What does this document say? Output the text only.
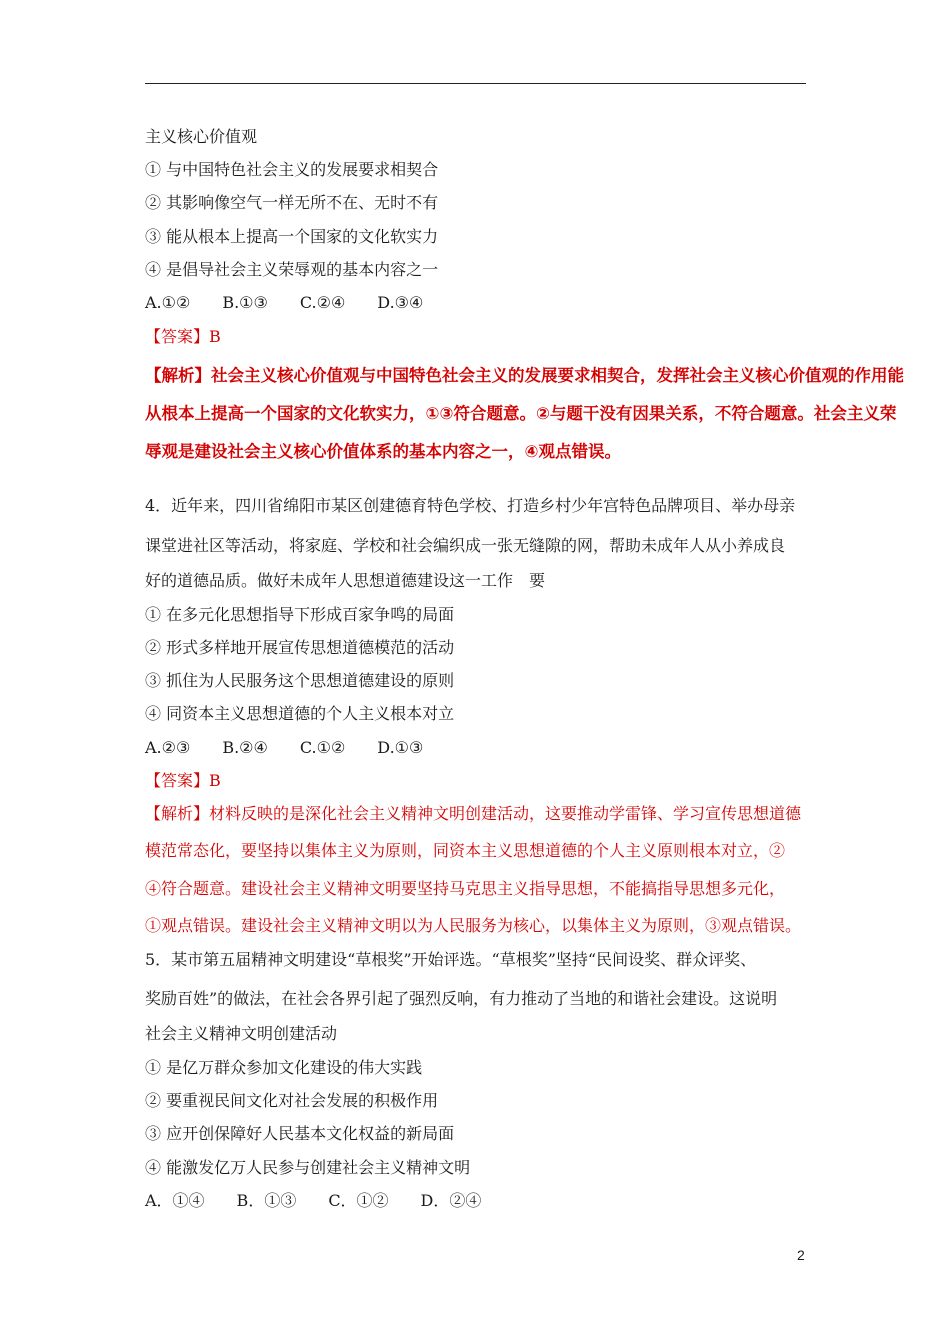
主义核心价值观
① 与中国特色社会主义的发展要求相契合
② 其影响像空气一样无所不在、无时不有
③ 能从根本上提高一个国家的文化软实力
④ 是倡导社会主义荣辱观的基本内容之一
A.①②　　B.①③　　C.②④　　D.③④
【答案】B
【解析】社会主义核心价值观与中国特色社会主义的发展要求相契合，发挥社会主义核心价值观的作用能
从根本上提高一个国家的文化软实力，①③符合题意。②与题干没有因果关系，不符合题意。社会主义荣
辱观是建设社会主义核心价值体系的基本内容之一，④观点错误。
4．近年来，四川省绵阳市某区创建德育特色学校、打造乡村少年宫特色品牌项目、举办母亲
课堂进社区等活动，将家庭、学校和社会编织成一张无缝隙的网，帮助未成年人从小养成良
好的道德品质。做好未成年人思想道德建设这一工作　要
① 在多元化思想指导下形成百家争鸣的局面
② 形式多样地开展宣传思想道德模范的活动
③ 抓住为人民服务这个思想道德建设的原则
④ 同资本主义思想道德的个人主义根本对立
A.②③　　B.②④　　C.①②　　D.①③
【答案】B
【解析】材料反映的是深化社会主义精神文明创建活动，这要推动学雷锋、学习宣传思想道德
模范常态化，要坚持以集体主义为原则，同资本主义思想道德的个人主义原则根本对立，②
④符合题意。建设社会主义精神文明要坚持马克思主义指导思想，不能搞指导思想多元化，
①观点错误。建设社会主义精神文明以为人民服务为核心，以集体主义为原则，③观点错误。
5．某市第五届精神文明建设“草根奖”开始评选。“草根奖”坚持“民间设奖、群众评奖、
奖励百姓”的做法，在社会各界引起了强烈反响，有力推动了当地的和谐社会建设。这说明
社会主义精神文明创建活动
① 是亿万群众参加文化建设的伟大实践
② 要重视民间文化对社会发展的积极作用
③ 应开创保障好人民基本文化权益的新局面
④ 能激发亿万人民参与创建社会主义精神文明
A．①④　　B．①③　　C．①②　　D．②④
2
